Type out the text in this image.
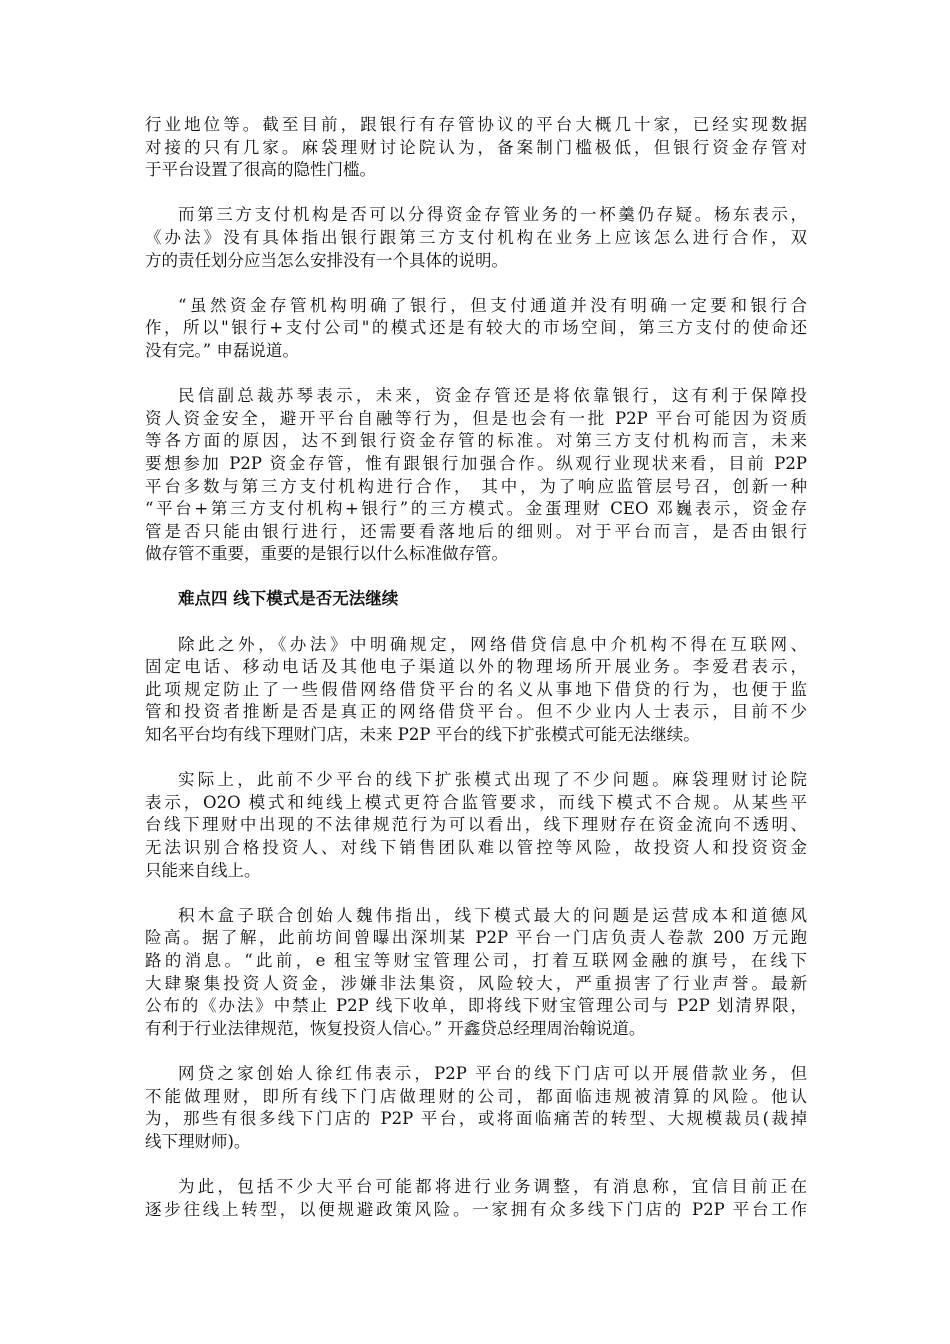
行业地位等。截至目前，跟银行有存管协议的平台大概几十家，已经实现数据
对接的只有几家。麻袋理财讨论院认为，备案制门槛极低，但银行资金存管对
于平台设置了很高的隐性门槛。
而第三方支付机构是否可以分得资金存管业务的一杯羹仍存疑。杨东表示，
《办法》没有具体指出银行跟第三方支付机构在业务上应该怎么进行合作，双
方的责任划分应当怎么安排没有一个具体的说明。
“虽然资金存管机构明确了银行，但支付通道并没有明确一定要和银行合
作，所以"银行+支付公司"的模式还是有较大的市场空间，第三方支付的使命还
没有完。” 申磊说道。
民信副总裁苏琴表示，未来，资金存管还是将依靠银行，这有利于保障投
资人资金安全，避开平台自融等行为，但是也会有一批 P2P 平台可能因为资质
等各方面的原因，达不到银行资金存管的标准。对第三方支付机构而言，未来
要想参加 P2P 资金存管，惟有跟银行加强合作。纵观行业现状来看，目前 P2P
平台多数与第三方支付机构进行合作， 其中，为了响应监管层号召，创新一种
“平台+第三方支付机构+银行”的三方模式。金蛋理财 CEO 邓巍表示，资金存
管是否只能由银行进行，还需要看落地后的细则。对于平台而言，是否由银行
做存管不重要，重要的是银行以什么标准做存管。
难点四 线下模式是否无法继续
除此之外，《办法》中明确规定，网络借贷信息中介机构不得在互联网、
固定电话、移动电话及其他电子渠道以外的物理场所开展业务。李爱君表示，
此项规定防止了一些假借网络借贷平台的名义从事地下借贷的行为，也便于监
管和投资者推断是否是真正的网络借贷平台。但不少业内人士表示，目前不少
知名平台均有线下理财门店，未来 P2P 平台的线下扩张模式可能无法继续。
实际上，此前不少平台的线下扩张模式出现了不少问题。麻袋理财讨论院
表示，O2O 模式和纯线上模式更符合监管要求，而线下模式不合规。从某些平
台线下理财中出现的不法律规范行为可以看出，线下理财存在资金流向不透明、
无法识别合格投资人、对线下销售团队难以管控等风险，故投资人和投资资金
只能来自线上。
积木盒子联合创始人魏伟指出，线下模式最大的问题是运营成本和道德风
险高。据了解，此前坊间曾曝出深圳某 P2P 平台一门店负责人卷款 200 万元跑
路的消息。“此前，e 租宝等财宝管理公司，打着互联网金融的旗号，在线下
大肆聚集投资人资金，涉嫌非法集资，风险较大，严重损害了行业声誉。最新
公布的《办法》中禁止 P2P 线下收单，即将线下财宝管理公司与 P2P 划清界限，
有利于行业法律规范，恢复投资人信心。” 开鑫贷总经理周治翰说道。
网贷之家创始人徐红伟表示，P2P 平台的线下门店可以开展借款业务，但
不能做理财，即所有线下门店做理财的公司，都面临违规被清算的风险。他认
为，那些有很多线下门店的 P2P 平台，或将面临痛苦的转型、大规模裁员(裁掉
线下理财师)。
为此，包括不少大平台可能都将进行业务调整，有消息称，宜信目前正在
逐步往线上转型，以便规避政策风险。一家拥有众多线下门店的 P2P 平台工作
